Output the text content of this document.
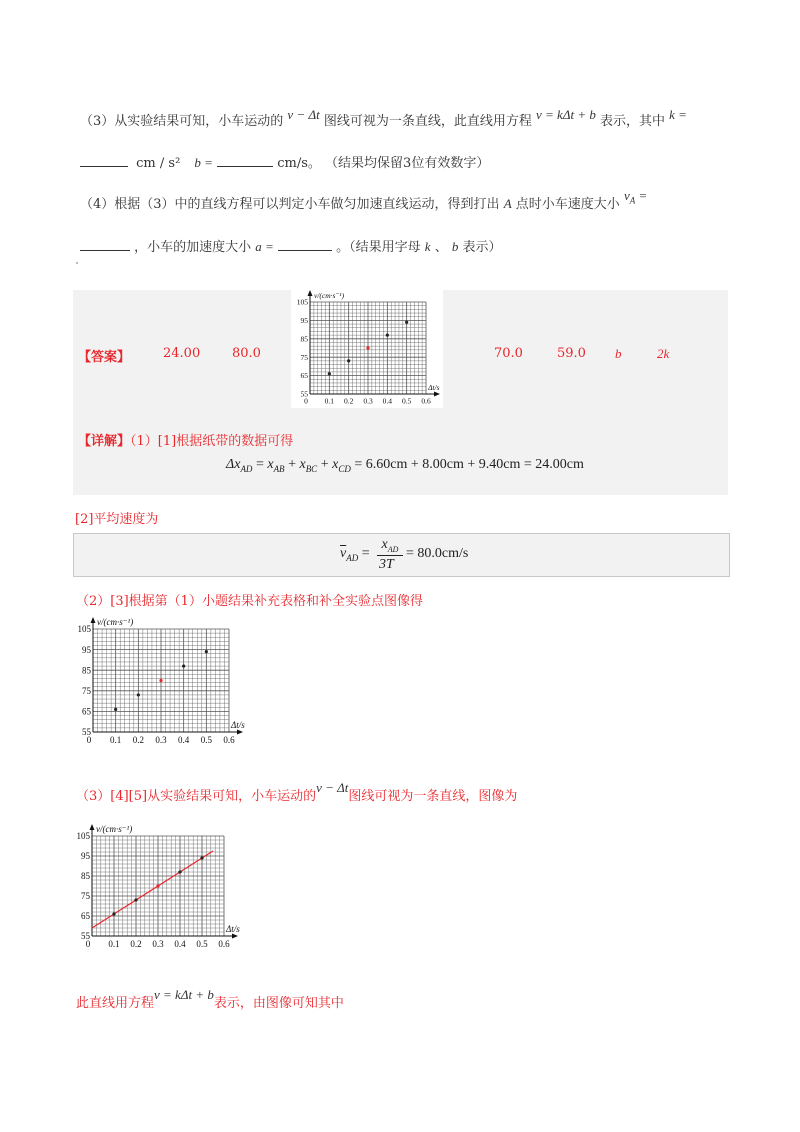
（3）从实验结果可知，小车运动的 v − Δt 图线可视为一条直线，此直线用方程 v = kΔt + b 表示，其中 k =
cm / s² b =	cm/s。 （结果均保留3位有效数字）
（4）根据（3）中的直线方程可以判定小车做匀加速直线运动，得到打出 A 点时小车速度大小 $v_A$ =
，小车的加速度大小 a =	。（结果用字母 k 、 b 表示）
【答案】	24.00 80.0	70.0	59.0 b	2k
0 0.1 0.2 0.3 0.4 0.5 0.6
55
65
75
85
95
105
Δt/s
v/(cm·s⁻¹)
【详解】（1）[1]根据纸带的数据可得
$\Delta x_{AD} = x_{AB} + x_{BC} + x_{CD} = 6.60cm + 8.00cm + 9.40cm = 24.00cm$
[2]平均速度为
$\overline{v}_{AD}$ =
$x_{AD}$
3T
= 80.0cm/s
（2）[3]根据第（1）小题结果补充表格和补全实验点图像得
0 0.1 0.2 0.3 0.4 0.5 0.6
55
65
75
85
95
105
Δt/s
v/(cm·s⁻¹)
（3）[4][5]从实验结果可知，小车运动的v − Δt图线可视为一条直线，图像为
0 0.1 0.2 0.3 0.4 0.5 0.6
55
65
75
85
95
105
Δt/s
v/(cm·s⁻¹)
此直线用方程v = kΔt + b表示，由图像可知其中
